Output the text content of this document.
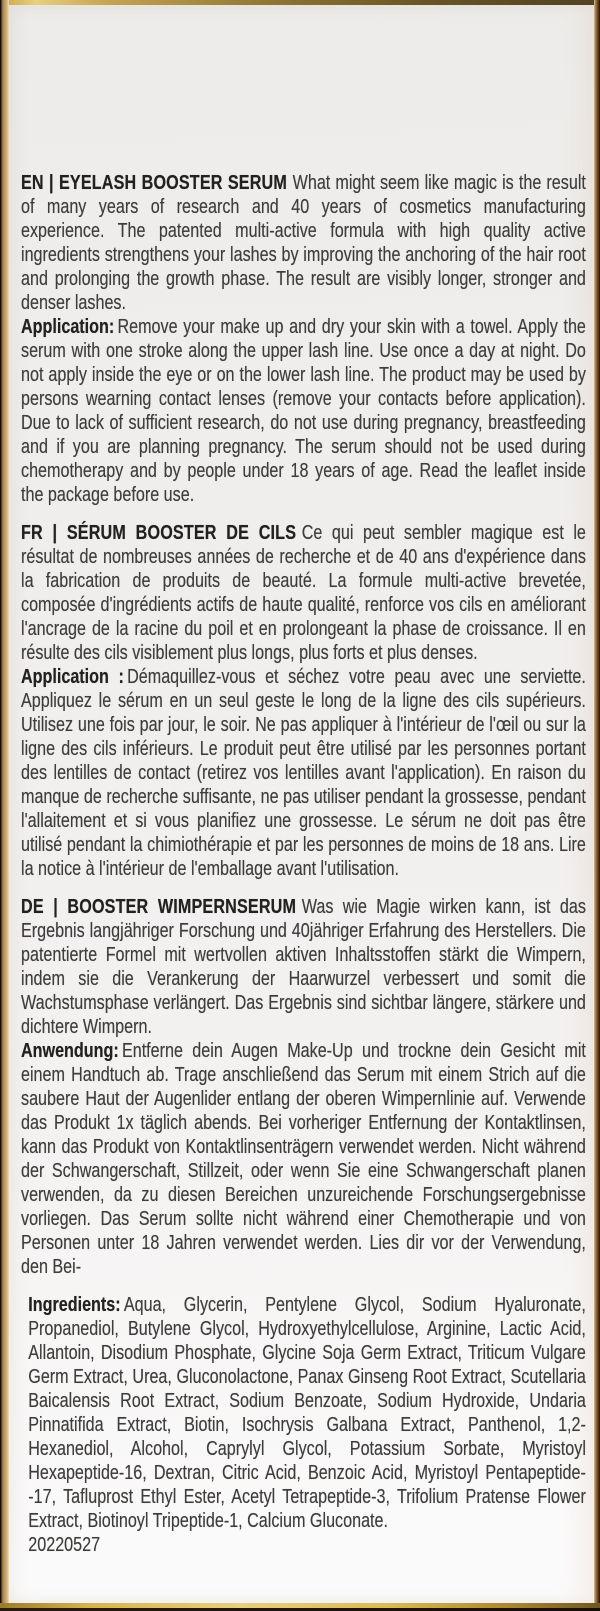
EN | EYELASH BOOSTER SERUM What might seem like magic is the result of many years of research and 40 years of cosmetics manufacturing experience. The patented multi-active formula with high quality active ingredients strengthens your lashes by improving the anchoring of the hair root and prolonging the growth phase. The result are visibly longer, stronger and denser lashes.

Application: Remove your make up and dry your skin with a towel. Apply the serum with one stroke along the upper lash line. Use once a day at night. Do not apply inside the eye or on the lower lash line. The product may be used by persons wearning contact lenses (remove your contacts before application). Due to lack of sufficient research, do not use during pregnancy, breastfeeding and if you are planning pregnancy. The serum should not be used during chemotherapy and by people under 18 years of age. Read the leaflet inside the package before use.

FR | SÉRUM BOOSTER DE CILS Ce qui peut sembler magique est le résultat de nombreuses années de recherche et de 40 ans d'expérience dans la fabrication de produits de beauté. La formule multi-active brevetée, composée d'ingrédients actifs de haute qualité, renforce vos cils en améliorant l'ancrage de la racine du poil et en prolongeant la phase de croissance. Il en résulte des cils visiblement plus longs, plus forts et plus denses.

Application : Démaquillez-vous et séchez votre peau avec une serviette. Appliquez le sérum en un seul geste le long de la ligne des cils supérieurs. Utilisez une fois par jour, le soir. Ne pas appliquer à l'intérieur de l'œil ou sur la ligne des cils inférieurs. Le produit peut être utilisé par les personnes portant des lentilles de contact (retirez vos lentilles avant l'application). En raison du manque de recherche suffisante, ne pas utiliser pendant la grossesse, pendant l'allaitement et si vous planifiez une grossesse. Le sérum ne doit pas être utilisé pendant la chimiothérapie et par les personnes de moins de 18 ans. Lire la notice à l'intérieur de l'emballage avant l'utilisation.

DE | BOOSTER WIMPERNSERUM Was wie Magie wirken kann, ist das Ergebnis langjähriger Forschung und 40jähriger Erfahrung des Herstellers. Die patentierte Formel mit wertvollen aktiven Inhaltsstoffen stärkt die Wimpern, indem sie die Verankerung der Haarwurzel verbessert und somit die Wachstumsphase verlängert. Das Ergebnis sind sichtbar längere, stärkere und dichtere Wimpern.

Anwendung: Entferne dein Augen Make-Up und trockne dein Gesicht mit einem Handtuch ab. Trage anschließend das Serum mit einem Strich auf die saubere Haut der Augenlider entlang der oberen Wimpernlinie auf. Verwende das Produkt 1x täglich abends. Bei vorheriger Entfernung der Kontaktlinsen, kann das Produkt von Kontaktlinsenträgern verwendet werden. Nicht während der Schwangerschaft, Stillzeit, oder wenn Sie eine Schwangerschaft planen verwenden, da zu diesen Bereichen unzureichende Forschungsergebnisse vorliegen. Das Serum sollte nicht während einer Chemotherapie und von Personen unter 18 Jahren verwendet werden. Lies dir vor der Verwendung, den Bei-

Ingredients: Aqua, Glycerin, Pentylene Glycol, Sodium Hyaluronate, Propanediol, Butylene Glycol, Hydroxyethylcellulose, Arginine, Lactic Acid, Allantoin, Disodium Phosphate, Glycine Soja Germ Extract, Triticum Vulgare Germ Extract, Urea, Gluconolactone, Panax Ginseng Root Extract, Scutellaria Baicalensis Root Extract, Sodium Benzoate, Sodium Hydroxide, Undaria Pinnatifida Extract, Biotin, Isochrysis Galbana Extract, Panthenol, 1,2-Hexanediol, Alcohol, Caprylyl Glycol, Potassium Sorbate, Myristoyl Hexapeptide-16, Dextran, Citric Acid, Benzoic Acid, Myristoyl Pentapeptide--17, Tafluprost Ethyl Ester, Acetyl Tetrapeptide-3, Trifolium Pratense Flower Extract, Biotinoyl Tripeptide-1, Calcium Gluconate.

20220527
